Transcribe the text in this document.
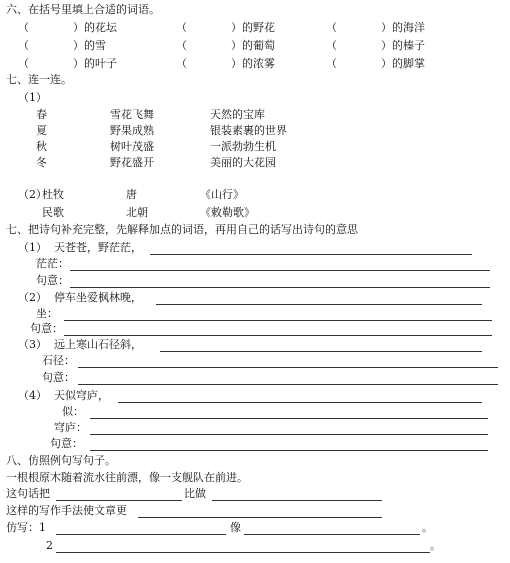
六、在括号里填上合适的词语。
（　　　　）的花坛	（　　　　）的野花	（　　　　）的海洋
（　　　　）的雪	（　　　　）的葡萄	（　　　　）的榛子
（　　　　）的叶子	（　　　　）的浓雾	（　　　　）的脚掌
七、连一连。
（1）
春	雪花飞舞	天然的宝库
夏	野果成熟	银装素裹的世界
秋	树叶茂盛	一派勃勃生机
冬	野花盛开	美丽的大花园
（2）
杜牧	唐	《山行》
民歌	北朝	《敕勒歌》
七、把诗句补充完整，先解释加点的词语，再用自己的话写出诗句的意思
（1） 天苍苍，野茫茫，
茫茫：
句意：
（2） 停车坐爱枫林晚，
坐：
句意：
（3） 远上寒山石径斜，
石径：
句意：
（4） 天似穹庐，
似：
穹庐：
句意：
八、仿照例句写句子。
一根根原木随着流水往前漂，像一支舰队在前进。
这句话把	比做
这样的写作手法使文章更
仿写：1	像	。
2	。
